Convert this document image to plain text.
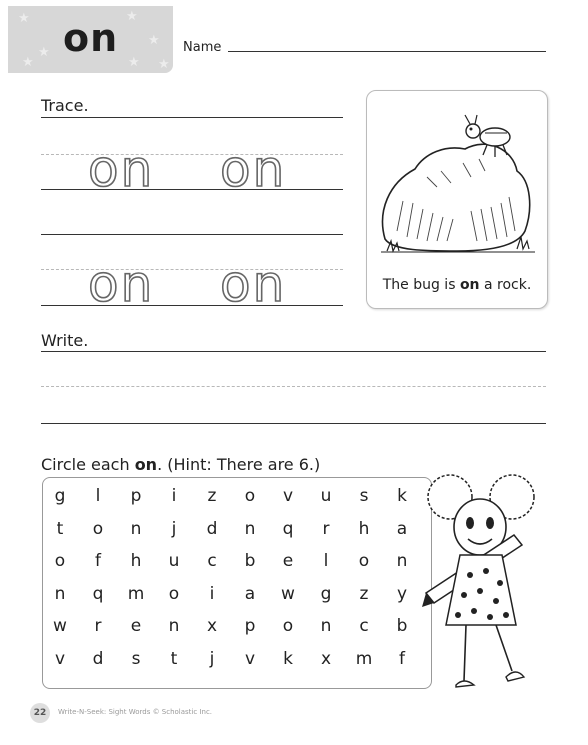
★
★
★
★
★
★ ★
on	Name
Trace.
on on
on on	The bug is on a rock.
Write.
Circle each on. (Hint: There are 6.)
g	l	p	i	z	o	v	u	s	k
t	o	n	j	d	n	q	r	h	a
o	f	h	u	c	b	e	l	o	n
n	q	m	o	i	a	w	g	z	y
w	r	e	n	x	p	o	n	c	b
v	d	s	t	j	v	k	x	m	f
22	Write-N-Seek: Sight Words © Scholastic Inc.
